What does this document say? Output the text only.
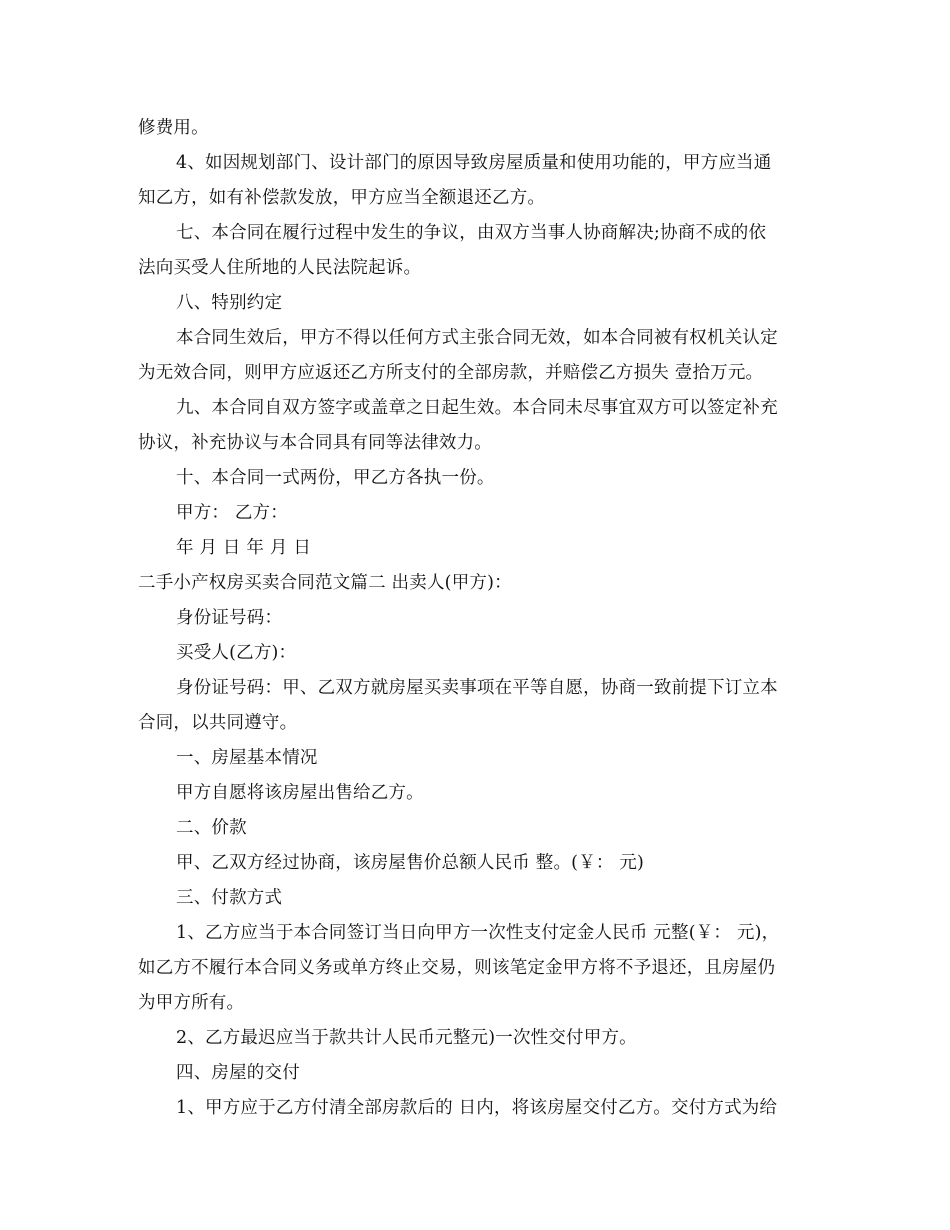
修费用。
4、如因规划部门、设计部门的原因导致房屋质量和使用功能的，甲方应当通
知乙方，如有补偿款发放，甲方应当全额退还乙方。
七、本合同在履行过程中发生的争议，由双方当事人协商解决;协商不成的依
法向买受人住所地的人民法院起诉。
八、特别约定
本合同生效后，甲方不得以任何方式主张合同无效，如本合同被有权机关认定
为无效合同，则甲方应返还乙方所支付的全部房款，并赔偿乙方损失 壹拾万元。
九、本合同自双方签字或盖章之日起生效。本合同未尽事宜双方可以签定补充
协议，补充协议与本合同具有同等法律效力。
十、本合同一式两份，甲乙方各执一份。
甲方： 乙方：
年 月 日 年 月 日
二手小产权房买卖合同范文篇二 出卖人(甲方)：
身份证号码：
买受人(乙方)：
身份证号码：甲、乙双方就房屋买卖事项在平等自愿，协商一致前提下订立本
合同，以共同遵守。
一、房屋基本情况
甲方自愿将该房屋出售给乙方。
二、价款
甲、乙双方经过协商，该房屋售价总额人民币 整。(￥： 元)
三、付款方式
1、乙方应当于本合同签订当日向甲方一次性支付定金人民币 元整(￥： 元)，
如乙方不履行本合同义务或单方终止交易，则该笔定金甲方将不予退还，且房屋仍
为甲方所有。
2、乙方最迟应当于款共计人民币元整元)一次性交付甲方。
四、房屋的交付
1、甲方应于乙方付清全部房款后的 日内，将该房屋交付乙方。交付方式为给
